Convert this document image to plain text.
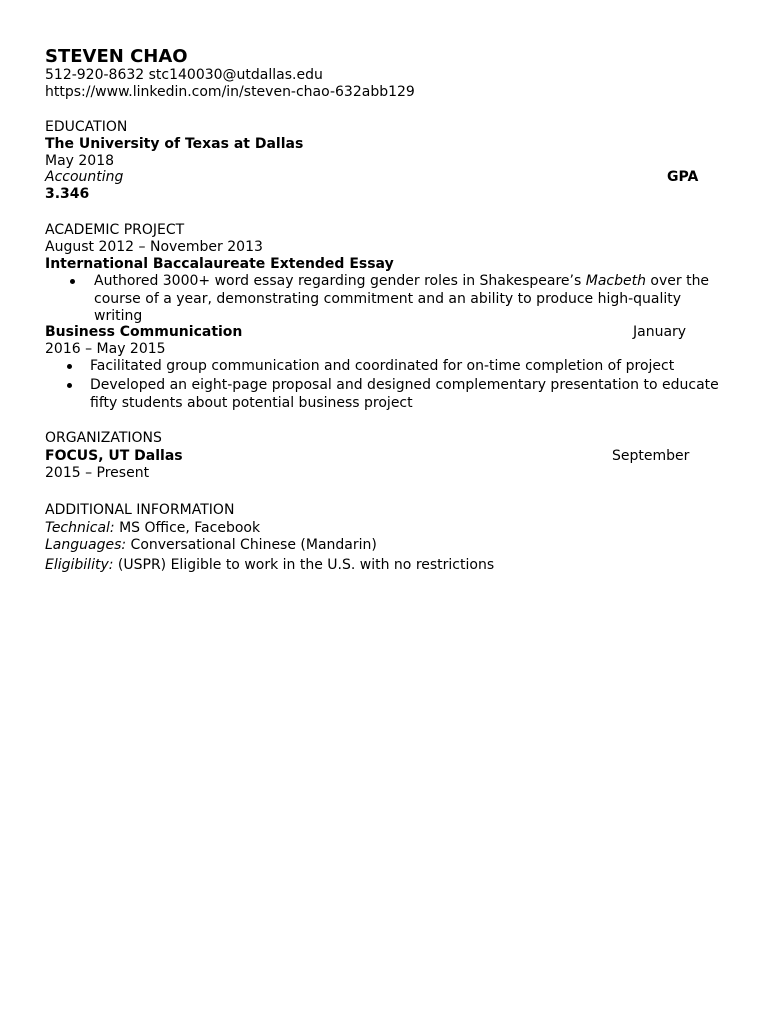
STEVEN CHAO
512-920-8632 stc140030@utdallas.edu
https://www.linkedin.com/in/steven-chao-632abb129
EDUCATION
The University of Texas at Dallas
May 2018
Accounting	GPA
3.346
ACADEMIC PROJECT
August 2012 – November 2013
International Baccalaureate Extended Essay
Authored 3000+ word essay regarding gender roles in Shakespeare’s Macbeth over the
course of a year, demonstrating commitment and an ability to produce high-quality
writing
Business Communication	January
2016 – May 2015
Facilitated group communication and coordinated for on-time completion of project
Developed an eight-page proposal and designed complementary presentation to educate
fifty students about potential business project
ORGANIZATIONS
FOCUS, UT Dallas	September
2015 – Present
ADDITIONAL INFORMATION
Technical: MS Office, Facebook
Languages: Conversational Chinese (Mandarin)
Eligibility: (USPR) Eligible to work in the U.S. with no restrictions
